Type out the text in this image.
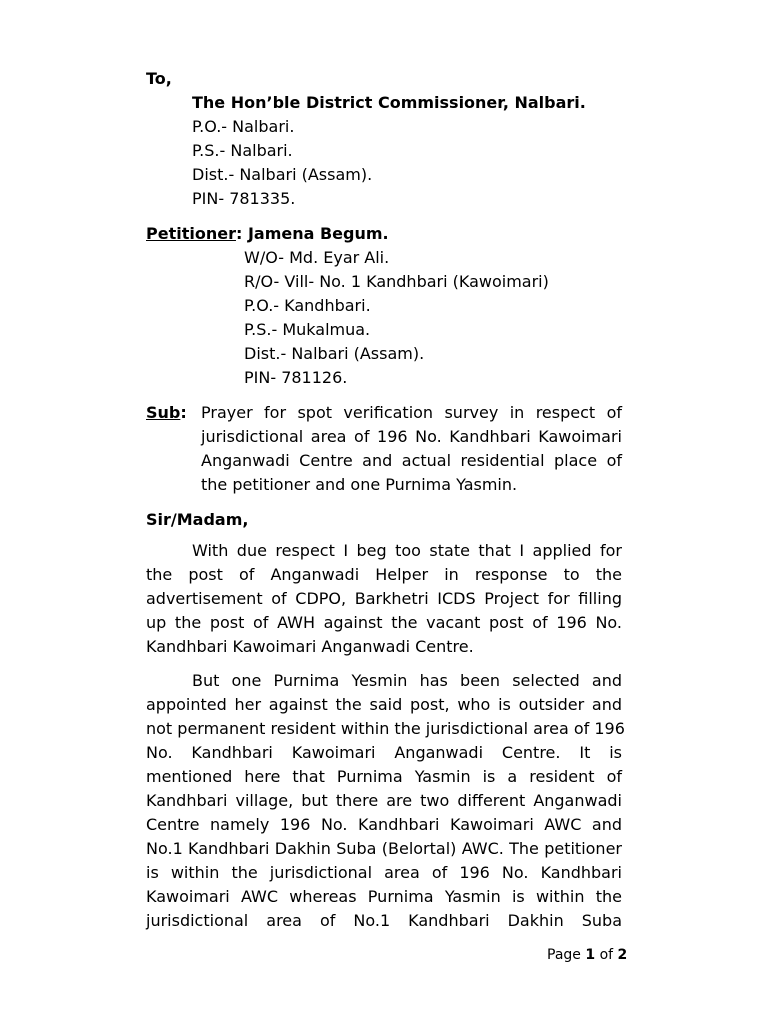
To,
The Hon’ble District Commissioner, Nalbari.
P.O.- Nalbari.
P.S.- Nalbari.
Dist.- Nalbari (Assam).
PIN- 781335.
Petitioner: Jamena Begum.
W/O- Md. Eyar Ali.
R/O- Vill- No. 1 Kandhbari (Kawoimari)
P.O.- Kandhbari.
P.S.- Mukalmua.
Dist.- Nalbari (Assam).
PIN- 781126.
Sub: Prayer for spot verification survey in respect of
jurisdictional area of 196 No. Kandhbari Kawoimari
Anganwadi Centre and actual residential place of
the petitioner and one Purnima Yasmin.
Sir/Madam,
With due respect I beg too state that I applied for
the post of Anganwadi Helper in response to the
advertisement of CDPO, Barkhetri ICDS Project for filling
up the post of AWH against the vacant post of 196 No.
Kandhbari Kawoimari Anganwadi Centre.
But one Purnima Yesmin has been selected and
appointed her against the said post, who is outsider and
not permanent resident within the jurisdictional area of 196
No. Kandhbari Kawoimari Anganwadi Centre. It is
mentioned here that Purnima Yasmin is a resident of
Kandhbari village, but there are two different Anganwadi
Centre namely 196 No. Kandhbari Kawoimari AWC and
No.1 Kandhbari Dakhin Suba (Belortal) AWC. The petitioner
is within the jurisdictional area of 196 No. Kandhbari
Kawoimari AWC whereas Purnima Yasmin is within the
jurisdictional area of No.1 Kandhbari Dakhin Suba
Page 1 of 2
